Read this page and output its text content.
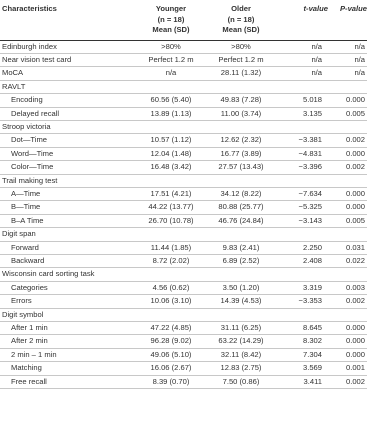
Characteristics	Younger	Older	t-value	P-value
	(n = 18)	(n = 18)		
	Mean (SD)	Mean (SD)		
Edinburgh index	>80%	>80%	n/a	n/a
Near vision test card	Perfect 1.2 m	Perfect 1.2 m	n/a	n/a
MoCA	n/a	28.11 (1.32)	n/a	n/a
RAVLT				
Encoding	60.56 (5.40)	49.83 (7.28)	5.018	0.000
Delayed recall	13.89 (1.13)	11.00 (3.74)	3.135	0.005
Stroop victoria				
Dot—Time	10.57 (1.12)	12.62 (2.32)	−3.381	0.002
Word—Time	12.04 (1.48)	16.77 (3.89)	−4.831	0.000
Color—Time	16.48 (3.42)	27.57 (13.43)	−3.396	0.002
Trail making test				
A—Time	17.51 (4.21)	34.12 (8.22)	−7.634	0.000
B—Time	44.22 (13.77)	80.88 (25.77)	−5.325	0.000
B–A Time	26.70 (10.78)	46.76 (24.84)	−3.143	0.005
Digit span				
Forward	11.44 (1.85)	9.83 (2.41)	2.250	0.031
Backward	8.72 (2.02)	6.89 (2.52)	2.408	0.022
Wisconsin card sorting task				
Categories	4.56 (0.62)	3.50 (1.20)	3.319	0.003
Errors	10.06 (3.10)	14.39 (4.53)	−3.353	0.002
Digit symbol				
After 1 min	47.22 (4.85)	31.11 (6.25)	8.645	0.000
After 2 min	96.28 (9.02)	63.22 (14.29)	8.302	0.000
2 min – 1 min	49.06 (5.10)	32.11 (8.42)	7.304	0.000
Matching	16.06 (2.67)	12.83 (2.75)	3.569	0.001
Free recall	8.39 (0.70)	7.50 (0.86)	3.411	0.002
